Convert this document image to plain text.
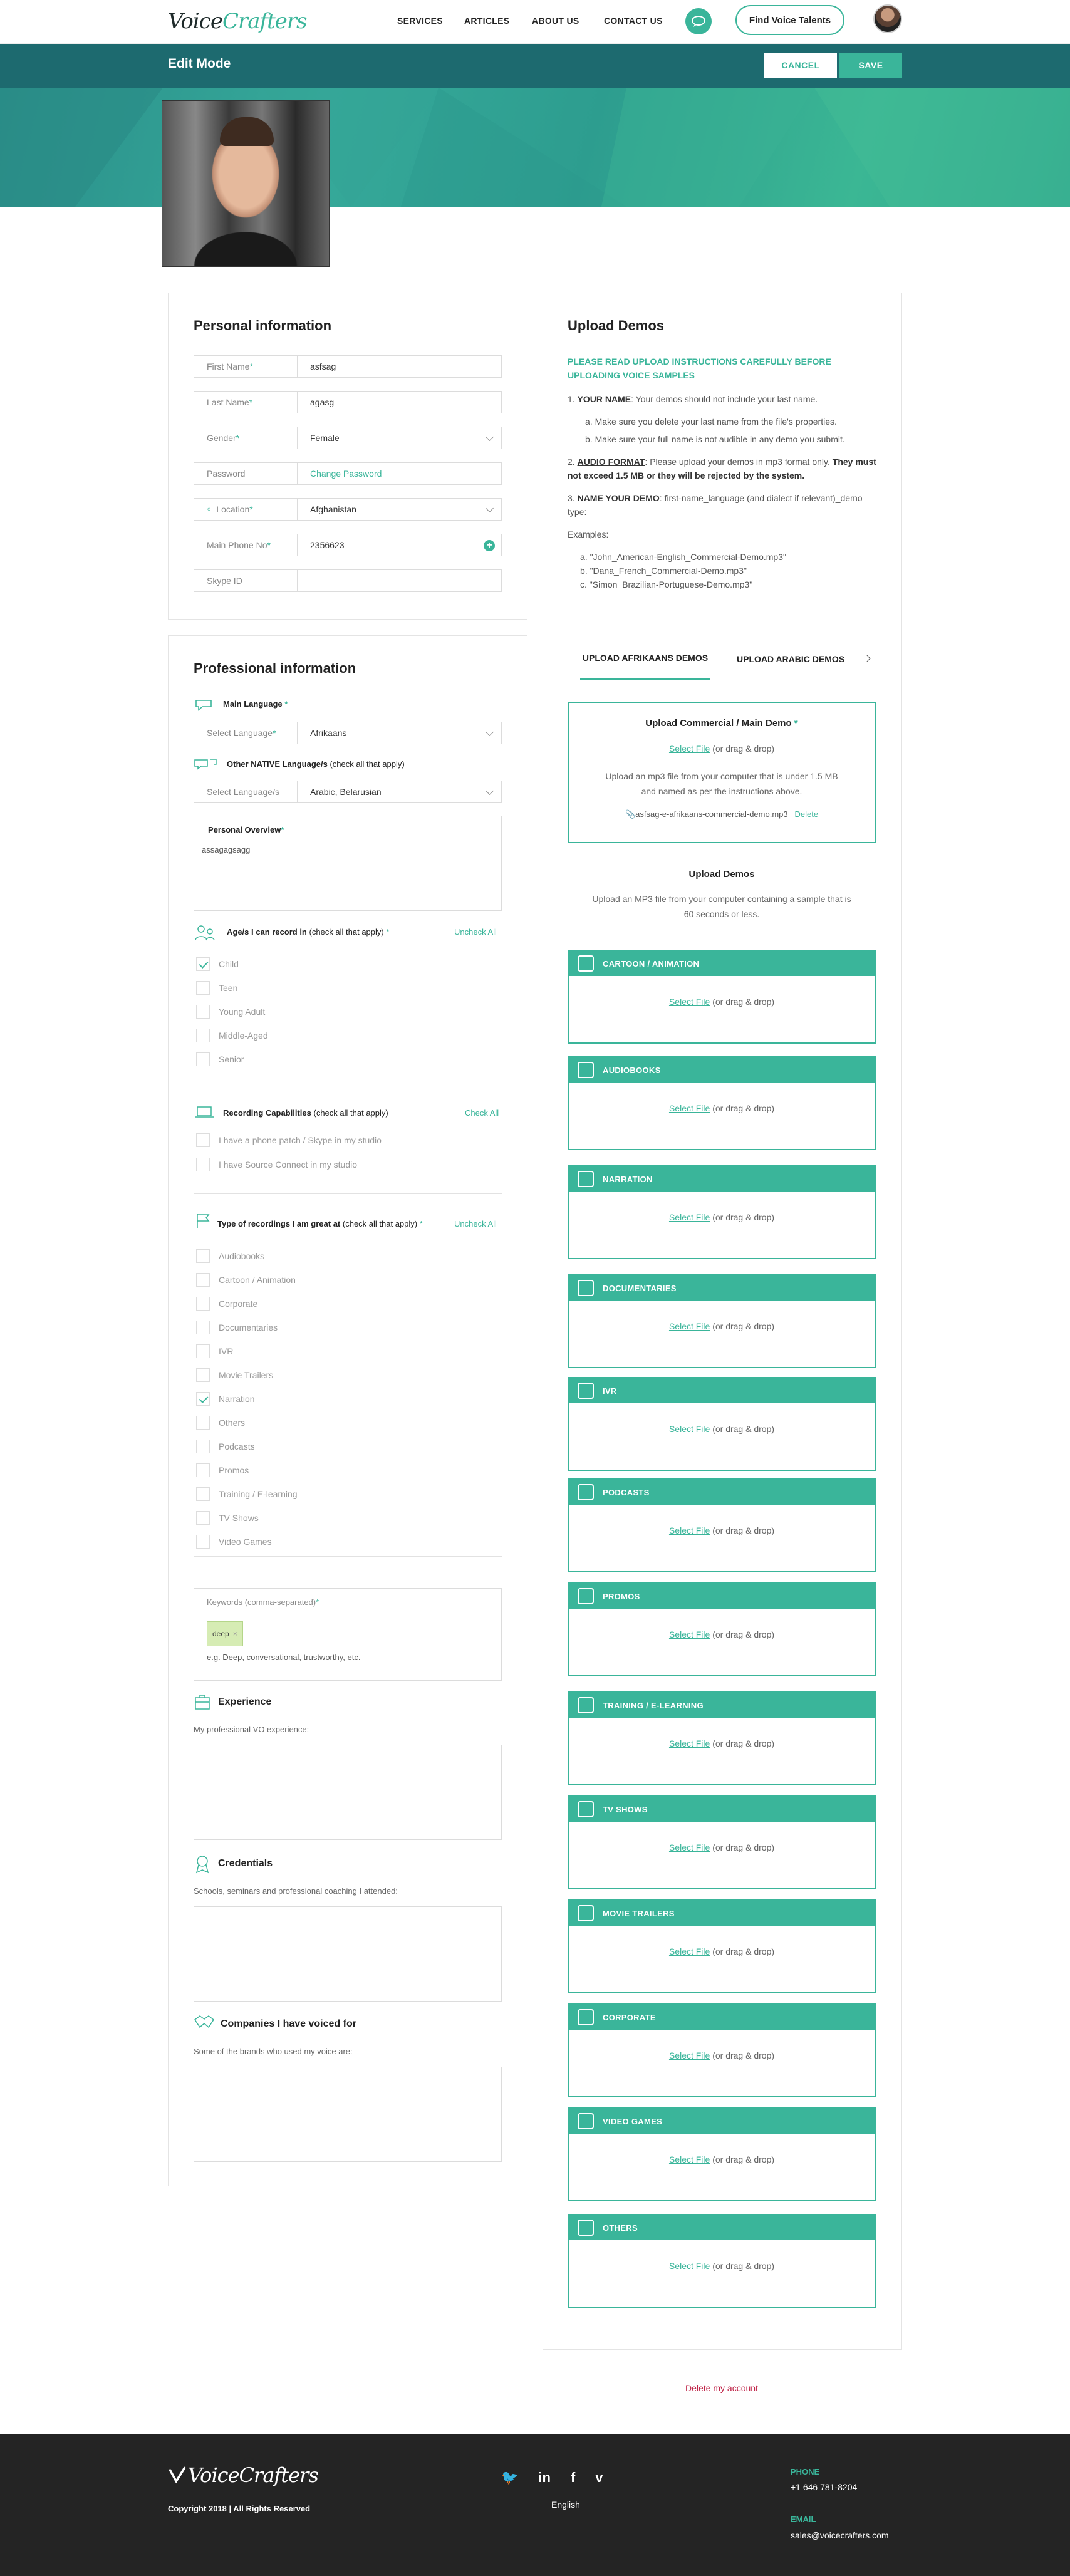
VoiceCrafters	SERVICES ARTICLES	ABOUT US	CONTACT US	Find Voice Talents
Edit Mode	CANCEL	SAVE
Personal information
First Name *	asfsag
Last Name *	agasg
Gender *	Female
Password	Change Password
⌖ Location *	Afghanistan
Main Phone No *	2356623	+
Skype ID
Professional information
Main Language *
Select Language *	Afrikaans
Other NATIVE Language/s (check all that apply)
Select Language/s	Arabic, Belarusian
Personal Overview*
assagagsagg
Age/s I can record in (check all that apply) *	Uncheck All
Child
Teen
Young Adult
Middle-Aged
Senior
Recording Capabilities (check all that apply)	Check All
I have a phone patch / Skype in my studio
I have Source Connect in my studio
Type of recordings I am great at (check all that apply) *	Uncheck All
Audiobooks
Cartoon / Animation
Corporate
Documentaries
IVR
Movie Trailers
Narration
Others
Podcasts
Promos
Training / E-learning
TV Shows
Video Games
Keywords (comma-separated)*
deep ×
e.g. Deep, conversational, trustworthy, etc.
Experience
My professional VO experience:
Credentials
Schools, seminars and professional coaching I attended:
Companies I have voiced for
Some of the brands who used my voice are:
Upload Demos
PLEASE READ UPLOAD INSTRUCTIONS CAREFULLY BEFORE UPLOADING VOICE SAMPLES
1. YOUR NAME: Your demos should not include your last name.
a. Make sure you delete your last name from the file's properties.
b. Make sure your full name is not audible in any demo you submit.
2. AUDIO FORMAT: Please upload your demos in mp3 format only. They must not exceed 1.5 MB or they will be rejected by the system.
3. NAME YOUR DEMO: first-name_language (and dialect if relevant)_demo type:
Examples:
a. "John_American-English_Commercial-Demo.mp3"
b. "Dana_French_Commercial-Demo.mp3"
c. "Simon_Brazilian-Portuguese-Demo.mp3"
UPLOAD AFRIKAANS DEMOS	UPLOAD ARABIC DEMOS
Upload Commercial / Main Demo *
Select File (or drag & drop)
Upload an mp3 file from your computer that is under 1.5 MB and named as per the instructions above.
📎asfsag-e-afrikaans-commercial-demo.mp3 Delete
Upload Demos
Upload an MP3 file from your computer containing a sample that is 60 seconds or less.
CARTOON / ANIMATION
Select File (or drag & drop)
AUDIOBOOKS
Select File (or drag & drop)
NARRATION
Select File (or drag & drop)
DOCUMENTARIES
Select File (or drag & drop)
IVR
Select File (or drag & drop)
PODCASTS
Select File (or drag & drop)
PROMOS
Select File (or drag & drop)
TRAINING / E-LEARNING
Select File (or drag & drop)
TV SHOWS
Select File (or drag & drop)
MOVIE TRAILERS
Select File (or drag & drop)
CORPORATE
Select File (or drag & drop)
VIDEO GAMES
Select File (or drag & drop)
OTHERS
Select File (or drag & drop)
Delete my account
VoiceCrafters
Copyright 2018 | All Rights Reserved
🐦 in f v
English
PHONE
+1 646 781-8204
EMAIL
sales@voicecrafters.com
